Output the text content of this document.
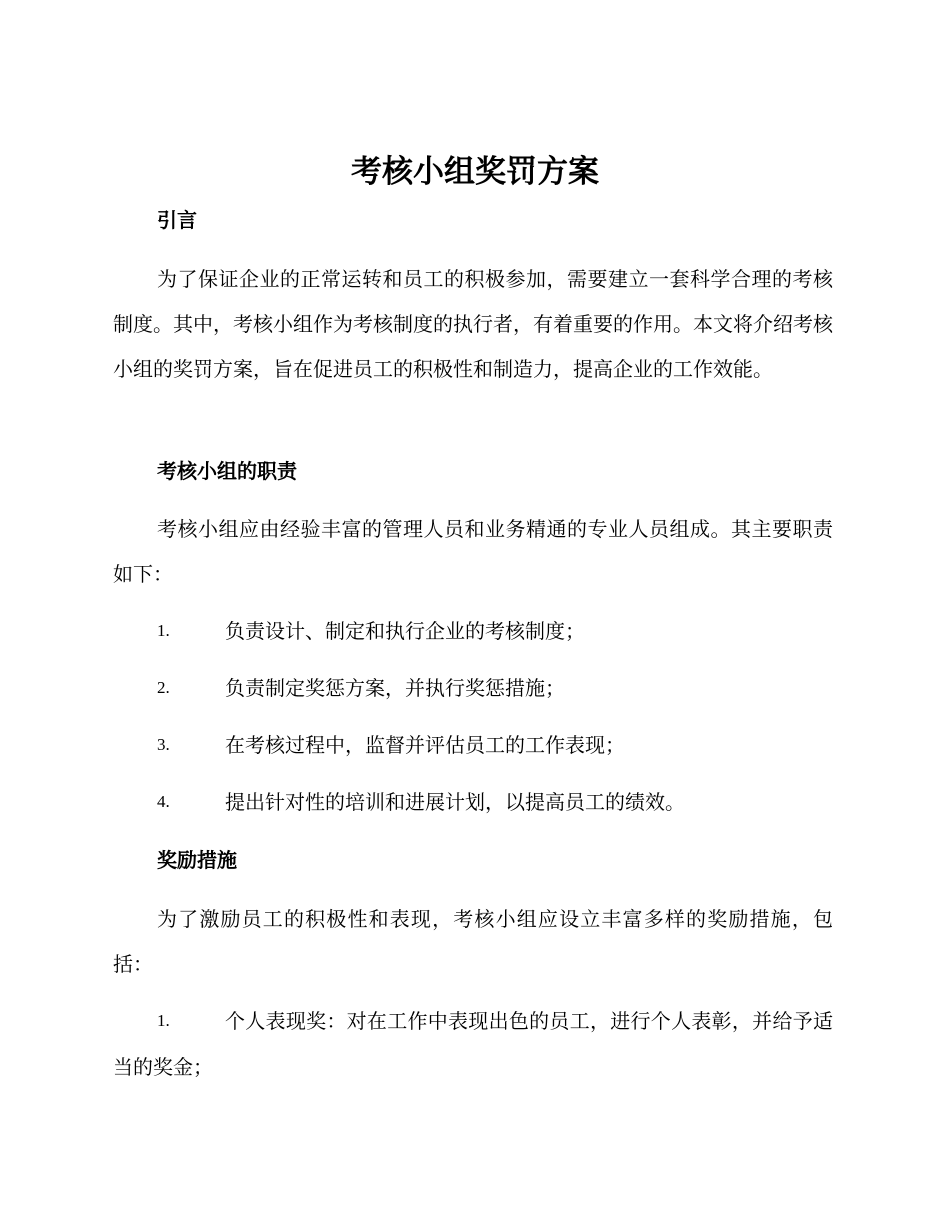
考核小组奖罚方案
引言

为了保证企业的正常运转和员工的积极参加，需要建立一套科学合理的考核制度。其中，考核小组作为考核制度的执行者，有着重要的作用。本文将介绍考核小组的奖罚方案，旨在促进员工的积极性和制造力，提高企业的工作效能。

考核小组的职责

考核小组应由经验丰富的管理人员和业务精通的专业人员组成。其主要职责如下：

1.	负责设计、制定和执行企业的考核制度；
2.	负责制定奖惩方案，并执行奖惩措施；
3.	在考核过程中，监督并评估员工的工作表现；
4.	提出针对性的培训和进展计划，以提高员工的绩效。
奖励措施

为了激励员工的积极性和表现，考核小组应设立丰富多样的奖励措施，包括：

1.	个人表现奖：对在工作中表现出色的员工，进行个人表彰，并给予适当的奖金；
